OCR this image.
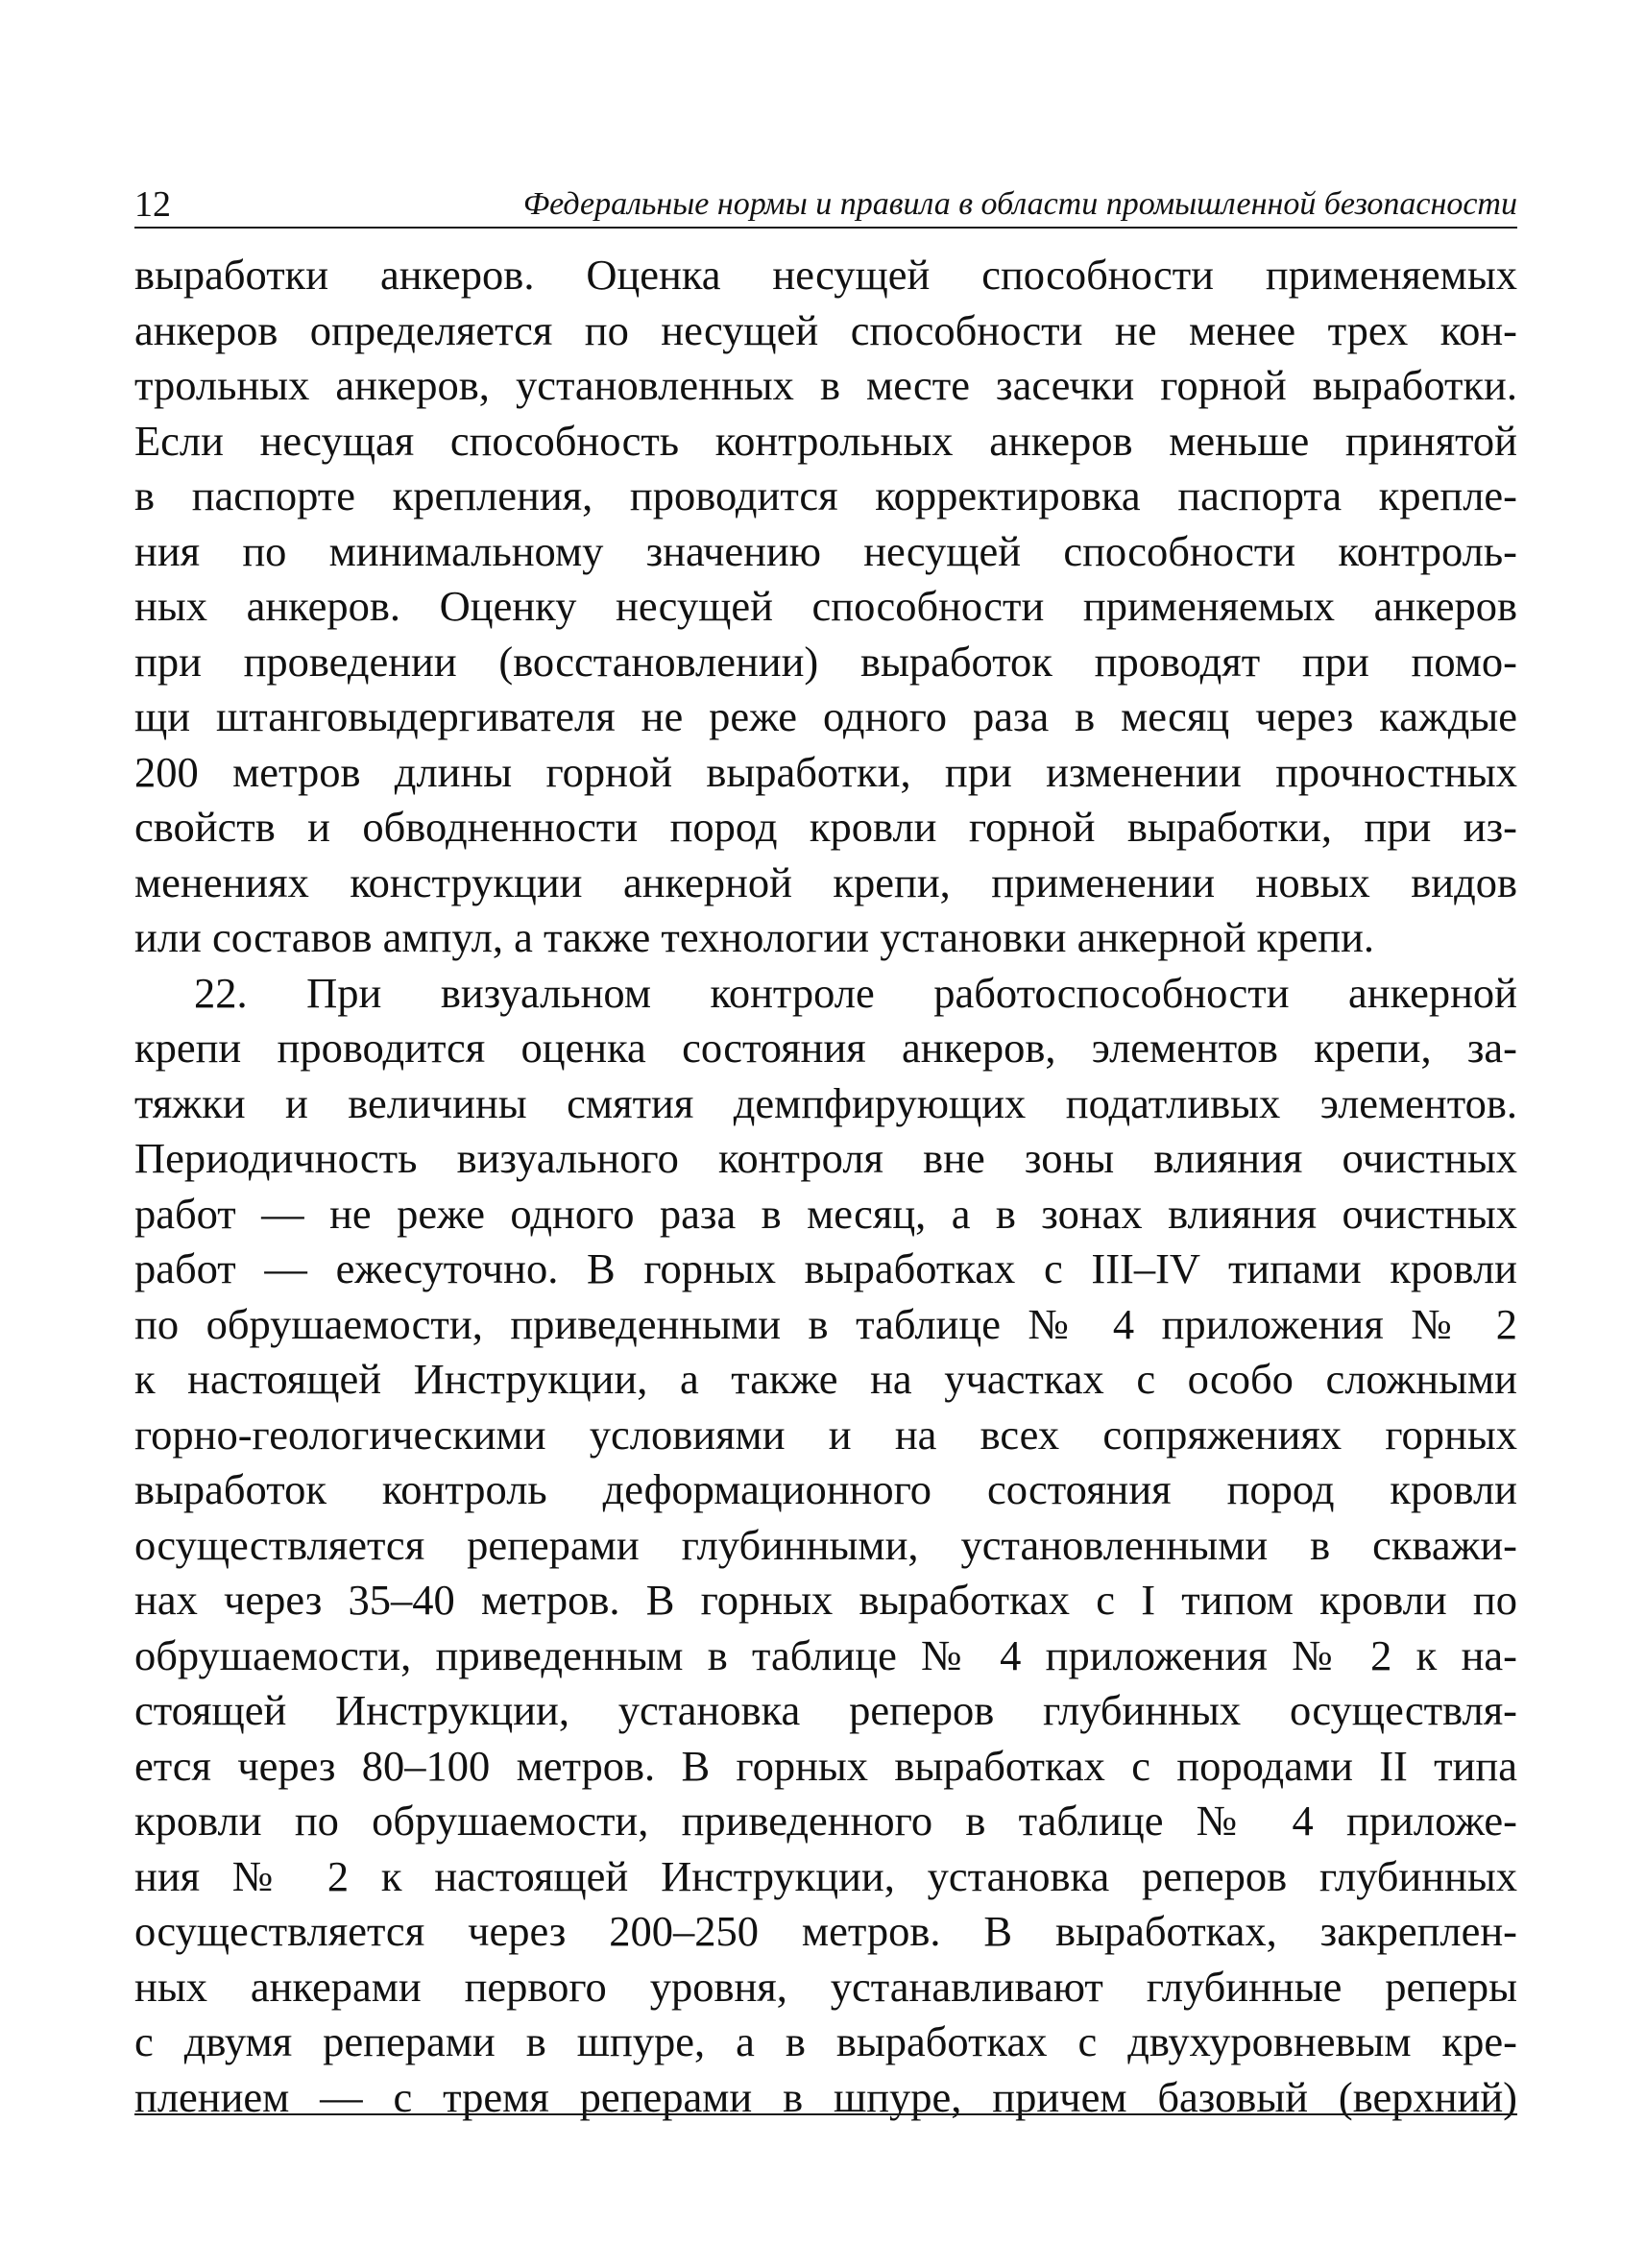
12	Федеральные нормы и правила в области промышленной безопасности
выработки анкеров. Оценка несущей способности применяемых
анкеров определяется по несущей способности не менее трех кон-
трольных анкеров, установленных в месте засечки горной выработки.
Если несущая способность контрольных анкеров меньше принятой
в паспорте крепления, проводится корректировка паспорта крепле-
ния по минимальному значению несущей способности контроль-
ных анкеров. Оценку несущей способности применяемых анкеров
при проведении (восстановлении) выработок проводят при помо-
щи штанговыдергивателя не реже одного раза в месяц через каждые
200 метров длины горной выработки, при изменении прочностных
свойств и обводненности пород кровли горной выработки, при из-
менениях конструкции анкерной крепи, применении новых видов
или составов ампул, а также технологии установки анкерной крепи.
22. При визуальном контроле работоспособности анкерной
крепи проводится оценка состояния анкеров, элементов крепи, за-
тяжки и величины смятия демпфирующих податливых элементов.
Периодичность визуального контроля вне зоны влияния очистных
работ — не реже одного раза в месяц, а в зонах влияния очистных
работ — ежесуточно. В горных выработках с III–IV типами кровли
по обрушаемости, приведенными в таблице № 4 приложения № 2
к настоящей Инструкции, а также на участках с особо сложными
горно-геологическими условиями и на всех сопряжениях горных
выработок контроль деформационного состояния пород кровли
осуществляется реперами глубинными, установленными в скважи-
нах через 35–40 метров. В горных выработках с I типом кровли по
обрушаемости, приведенным в таблице № 4 приложения № 2 к на-
стоящей Инструкции, установка реперов глубинных осуществля-
ется через 80–100 метров. В горных выработках с породами II типа
кровли по обрушаемости, приведенного в таблице № 4 приложе-
ния № 2 к настоящей Инструкции, установка реперов глубинных
осуществляется через 200–250 метров. В выработках, закреплен-
ных анкерами первого уровня, устанавливают глубинные реперы
с двумя реперами в шпуре, а в выработках с двухуровневым кре-
плением — с тремя реперами в шпуре, причем базовый (верхний)
